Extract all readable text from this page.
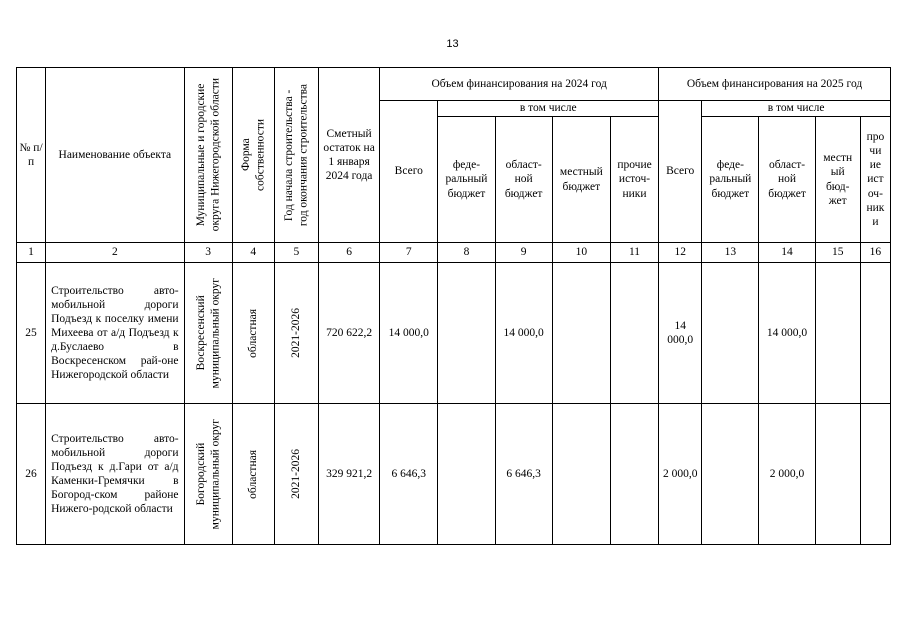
13
№ п/п	Наименование объекта	Муниципальные и городские округа Нижегородской области	Форма собственности	Год начала строительства - год окончания строительства	Сметный остаток на 1 января 2024 года	Объем финансирования на 2024 год					Объем финансирования на 2025 год				
						Всего	в том числе				Всего	в том числе			
							феде-ральный бюджет	област-ной бюджет	местный бюджет	прочие источ-ники		феде-ральный бюджет	област-ной бюджет	местн ый бюд-жет	про чи ие ист оч-ник и
1	2	3	4	5	6	7	8	9	10	11	12	13	14	15	16
25	Строительство авто-мобильной дороги Подъезд к поселку имени Михеева от а/д Подъезд к д.Буслаево в Воскресенском рай-оне Нижегородской области	Воскресенский муниципальный округ	областная	2021-2026	720 622,2	14 000,0		14 000,0			14 000,0		14 000,0		
26	Строительство авто-мобильной дороги Подъезд к д.Гари от а/д Каменки-Гремячки в Богород-ском районе Нижего-родской области	Богородский муниципальный округ	областная	2021-2026	329 921,2	6 646,3		6 646,3			2 000,0		2 000,0		
